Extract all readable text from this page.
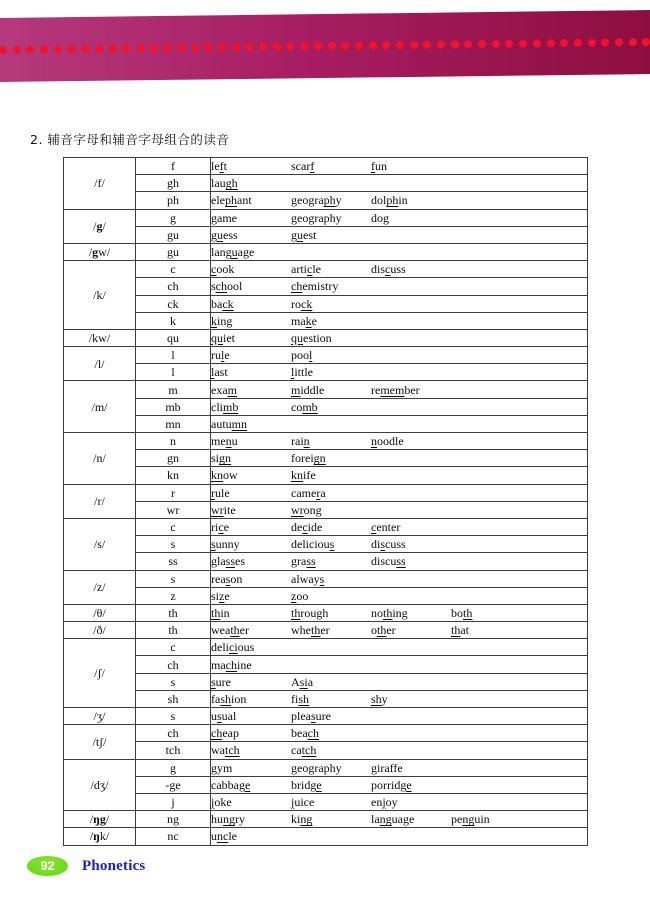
2. 辅音字母和辅音字母组合的读音
/f/	f	left scarf fun
	gh	laugh
	ph	elephant geography dolphin
/g/	g	game geography dog
	gu	guess guest
/gw/	gu	language
/k/	c	cook article discuss
	ch	school chemistry
	ck	back rock
	k	king make
/kw/	qu	quiet question
/l/	l	rule pool
	l	last little
/m/	m	exam middle remember
	mb	climb comb
	mn	autumn
/n/	n	menu rain noodle
	gn	sign foreign
	kn	know knife
/r/	r	rule camera
	wr	write wrong
/s/	c	rice decide center
	s	sunny delicious discuss
	ss	glasses grass discuss
/z/	s	reason always
	z	size zoo
/θ/	th	thin through nothing both
/ð/	th	weather whether other that
/ʃ/	c	delicious
	ch	machine
	s	sure Asia
	sh	fashion fish shy
/ʒ/	s	usual pleasure
/tʃ/	ch	cheap beach
	tch	watch catch
/dʒ/	g	gym geography giraffe
	-ge	cabbage bridge porridge
	j	joke juice enjoy
/ŋg/	ng	hungry king language penguin
/ŋk/	nc	uncle
92 Phonetics
